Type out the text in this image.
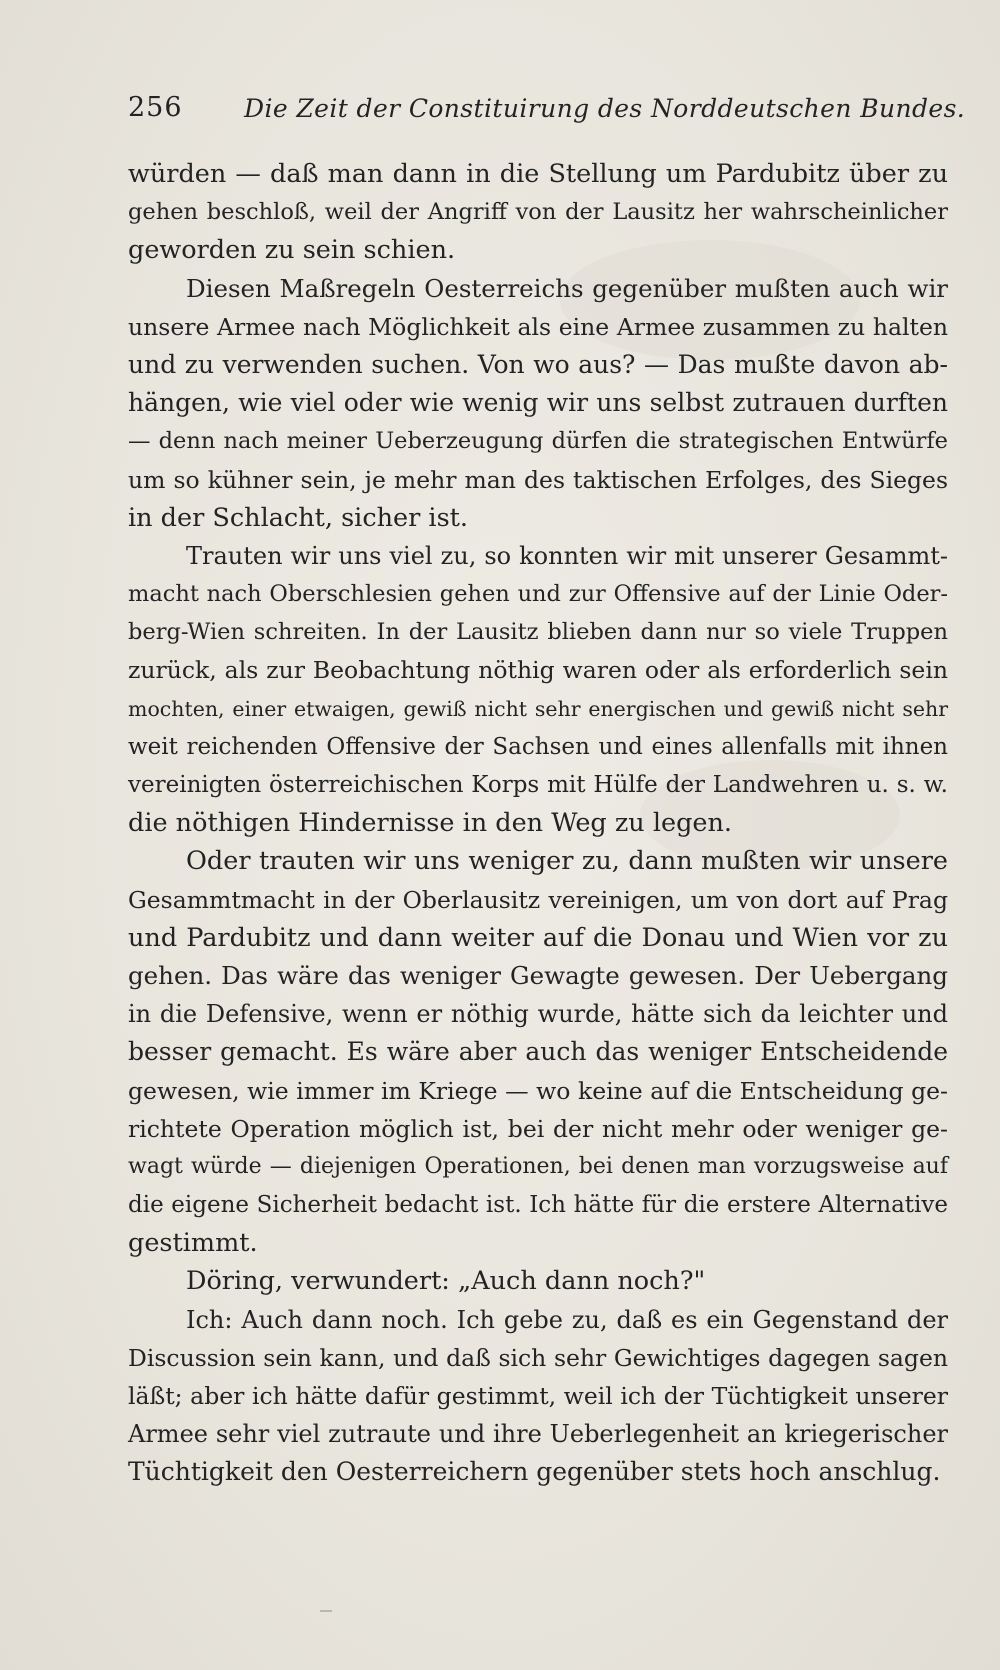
256 Die Zeit der Constituirung des Norddeutschen Bundes.
würden — daß man dann in die Stellung um Pardubitz über zu
gehen beschloß, weil der Angriff von der Lausitz her wahrscheinlicher
geworden zu sein schien.
Diesen Maßregeln Oesterreichs gegenüber mußten auch wir
unsere Armee nach Möglichkeit als eine Armee zusammen zu halten
und zu verwenden suchen. Von wo aus? — Das mußte davon ab-
hängen, wie viel oder wie wenig wir uns selbst zutrauen durften
— denn nach meiner Ueberzeugung dürfen die strategischen Entwürfe
um so kühner sein, je mehr man des taktischen Erfolges, des Sieges
in der Schlacht, sicher ist.
Trauten wir uns viel zu, so konnten wir mit unserer Gesammt-
macht nach Oberschlesien gehen und zur Offensive auf der Linie Oder-
berg-Wien schreiten. In der Lausitz blieben dann nur so viele Truppen
zurück, als zur Beobachtung nöthig waren oder als erforderlich sein
mochten, einer etwaigen, gewiß nicht sehr energischen und gewiß nicht sehr
weit reichenden Offensive der Sachsen und eines allenfalls mit ihnen
vereinigten österreichischen Korps mit Hülfe der Landwehren u. s. w.
die nöthigen Hindernisse in den Weg zu legen.
Oder trauten wir uns weniger zu, dann mußten wir unsere
Gesammtmacht in der Oberlausitz vereinigen, um von dort auf Prag
und Pardubitz und dann weiter auf die Donau und Wien vor zu
gehen. Das wäre das weniger Gewagte gewesen. Der Uebergang
in die Defensive, wenn er nöthig wurde, hätte sich da leichter und
besser gemacht. Es wäre aber auch das weniger Entscheidende
gewesen, wie immer im Kriege — wo keine auf die Entscheidung ge-
richtete Operation möglich ist, bei der nicht mehr oder weniger ge-
wagt würde — diejenigen Operationen, bei denen man vorzugsweise auf
die eigene Sicherheit bedacht ist. Ich hätte für die erstere Alternative
gestimmt.
Döring, verwundert: „Auch dann noch?"
Ich: Auch dann noch. Ich gebe zu, daß es ein Gegenstand der
Discussion sein kann, und daß sich sehr Gewichtiges dagegen sagen
läßt; aber ich hätte dafür gestimmt, weil ich der Tüchtigkeit unserer
Armee sehr viel zutraute und ihre Ueberlegenheit an kriegerischer
Tüchtigkeit den Oesterreichern gegenüber stets hoch anschlug.
